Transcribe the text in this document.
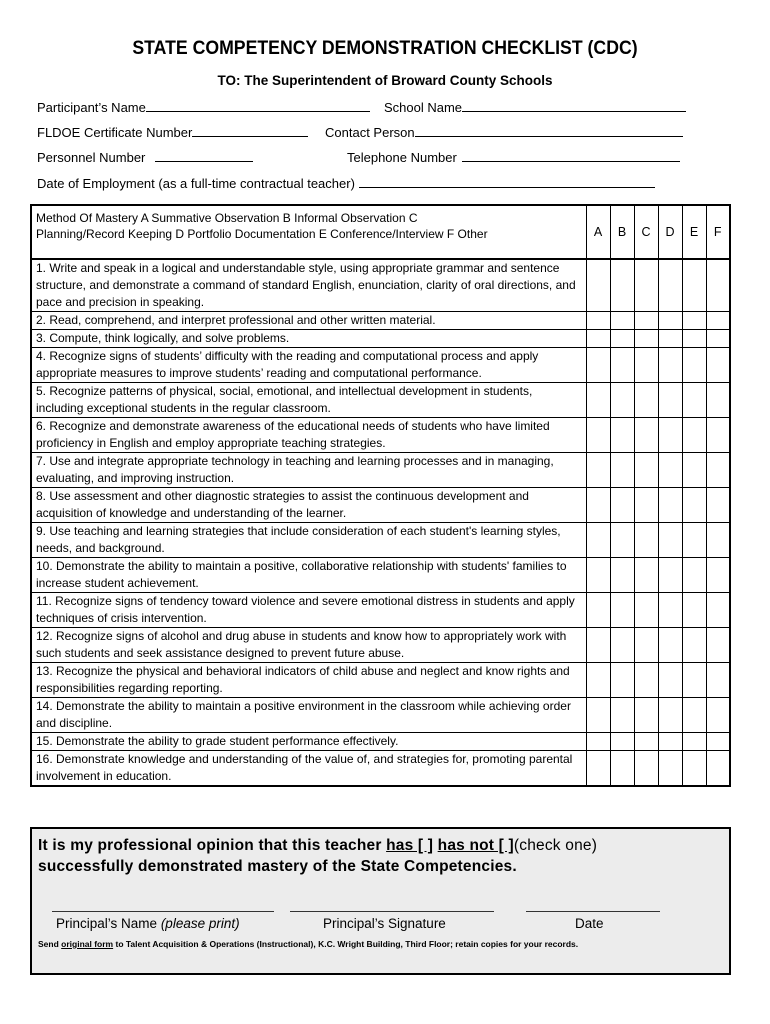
STATE COMPETENCY DEMONSTRATION CHECKLIST (CDC)
TO: The Superintendent of Broward County Schools
Participant’s Name	School Name
FLDOE Certificate Number	Contact Person
Personnel Number	Telephone Number
Date of Employment (as a full-time contractual teacher)
Method Of Mastery A Summative Observation B Informal Observation C
Planning/Record Keeping D Portfolio Documentation E Conference/Interview F Other	A	B	C	D	E	F
1. Write and speak in a logical and understandable style, using appropriate grammar and sentence structure, and demonstrate a command of standard English, enunciation, clarity of oral directions, and pace and precision in speaking.						
2. Read, comprehend, and interpret professional and other written material.						
3. Compute, think logically, and solve problems.						
4. Recognize signs of students’ difficulty with the reading and computational process and apply appropriate measures to improve students’ reading and computational performance.						
5. Recognize patterns of physical, social, emotional, and intellectual development in students, including exceptional students in the regular classroom.						
6. Recognize and demonstrate awareness of the educational needs of students who have limited proficiency in English and employ appropriate teaching strategies.						
7. Use and integrate appropriate technology in teaching and learning processes and in managing, evaluating, and improving instruction.						
8. Use assessment and other diagnostic strategies to assist the continuous development and acquisition of knowledge and understanding of the learner.						
9. Use teaching and learning strategies that include consideration of each student's learning styles, needs, and background.						
10. Demonstrate the ability to maintain a positive, collaborative relationship with students' families to increase student achievement.						
11. Recognize signs of tendency toward violence and severe emotional distress in students and apply techniques of crisis intervention.						
12. Recognize signs of alcohol and drug abuse in students and know how to appropriately work with such students and seek assistance designed to prevent future abuse.						
13. Recognize the physical and behavioral indicators of child abuse and neglect and know rights and responsibilities regarding reporting.						
14. Demonstrate the ability to maintain a positive environment in the classroom while achieving order and discipline.						
15. Demonstrate the ability to grade student performance effectively.						
16. Demonstrate knowledge and understanding of the value of, and strategies for, promoting parental involvement in education.						
It is my professional opinion that this teacher has [ ] has not [ ](check one)
successfully demonstrated mastery of the State Competencies.
Principal’s Name (please print)	Principal’s Signature	Date
Send original form to Talent Acquisition & Operations (Instructional), K.C. Wright Building, Third Floor; retain copies for your records.
